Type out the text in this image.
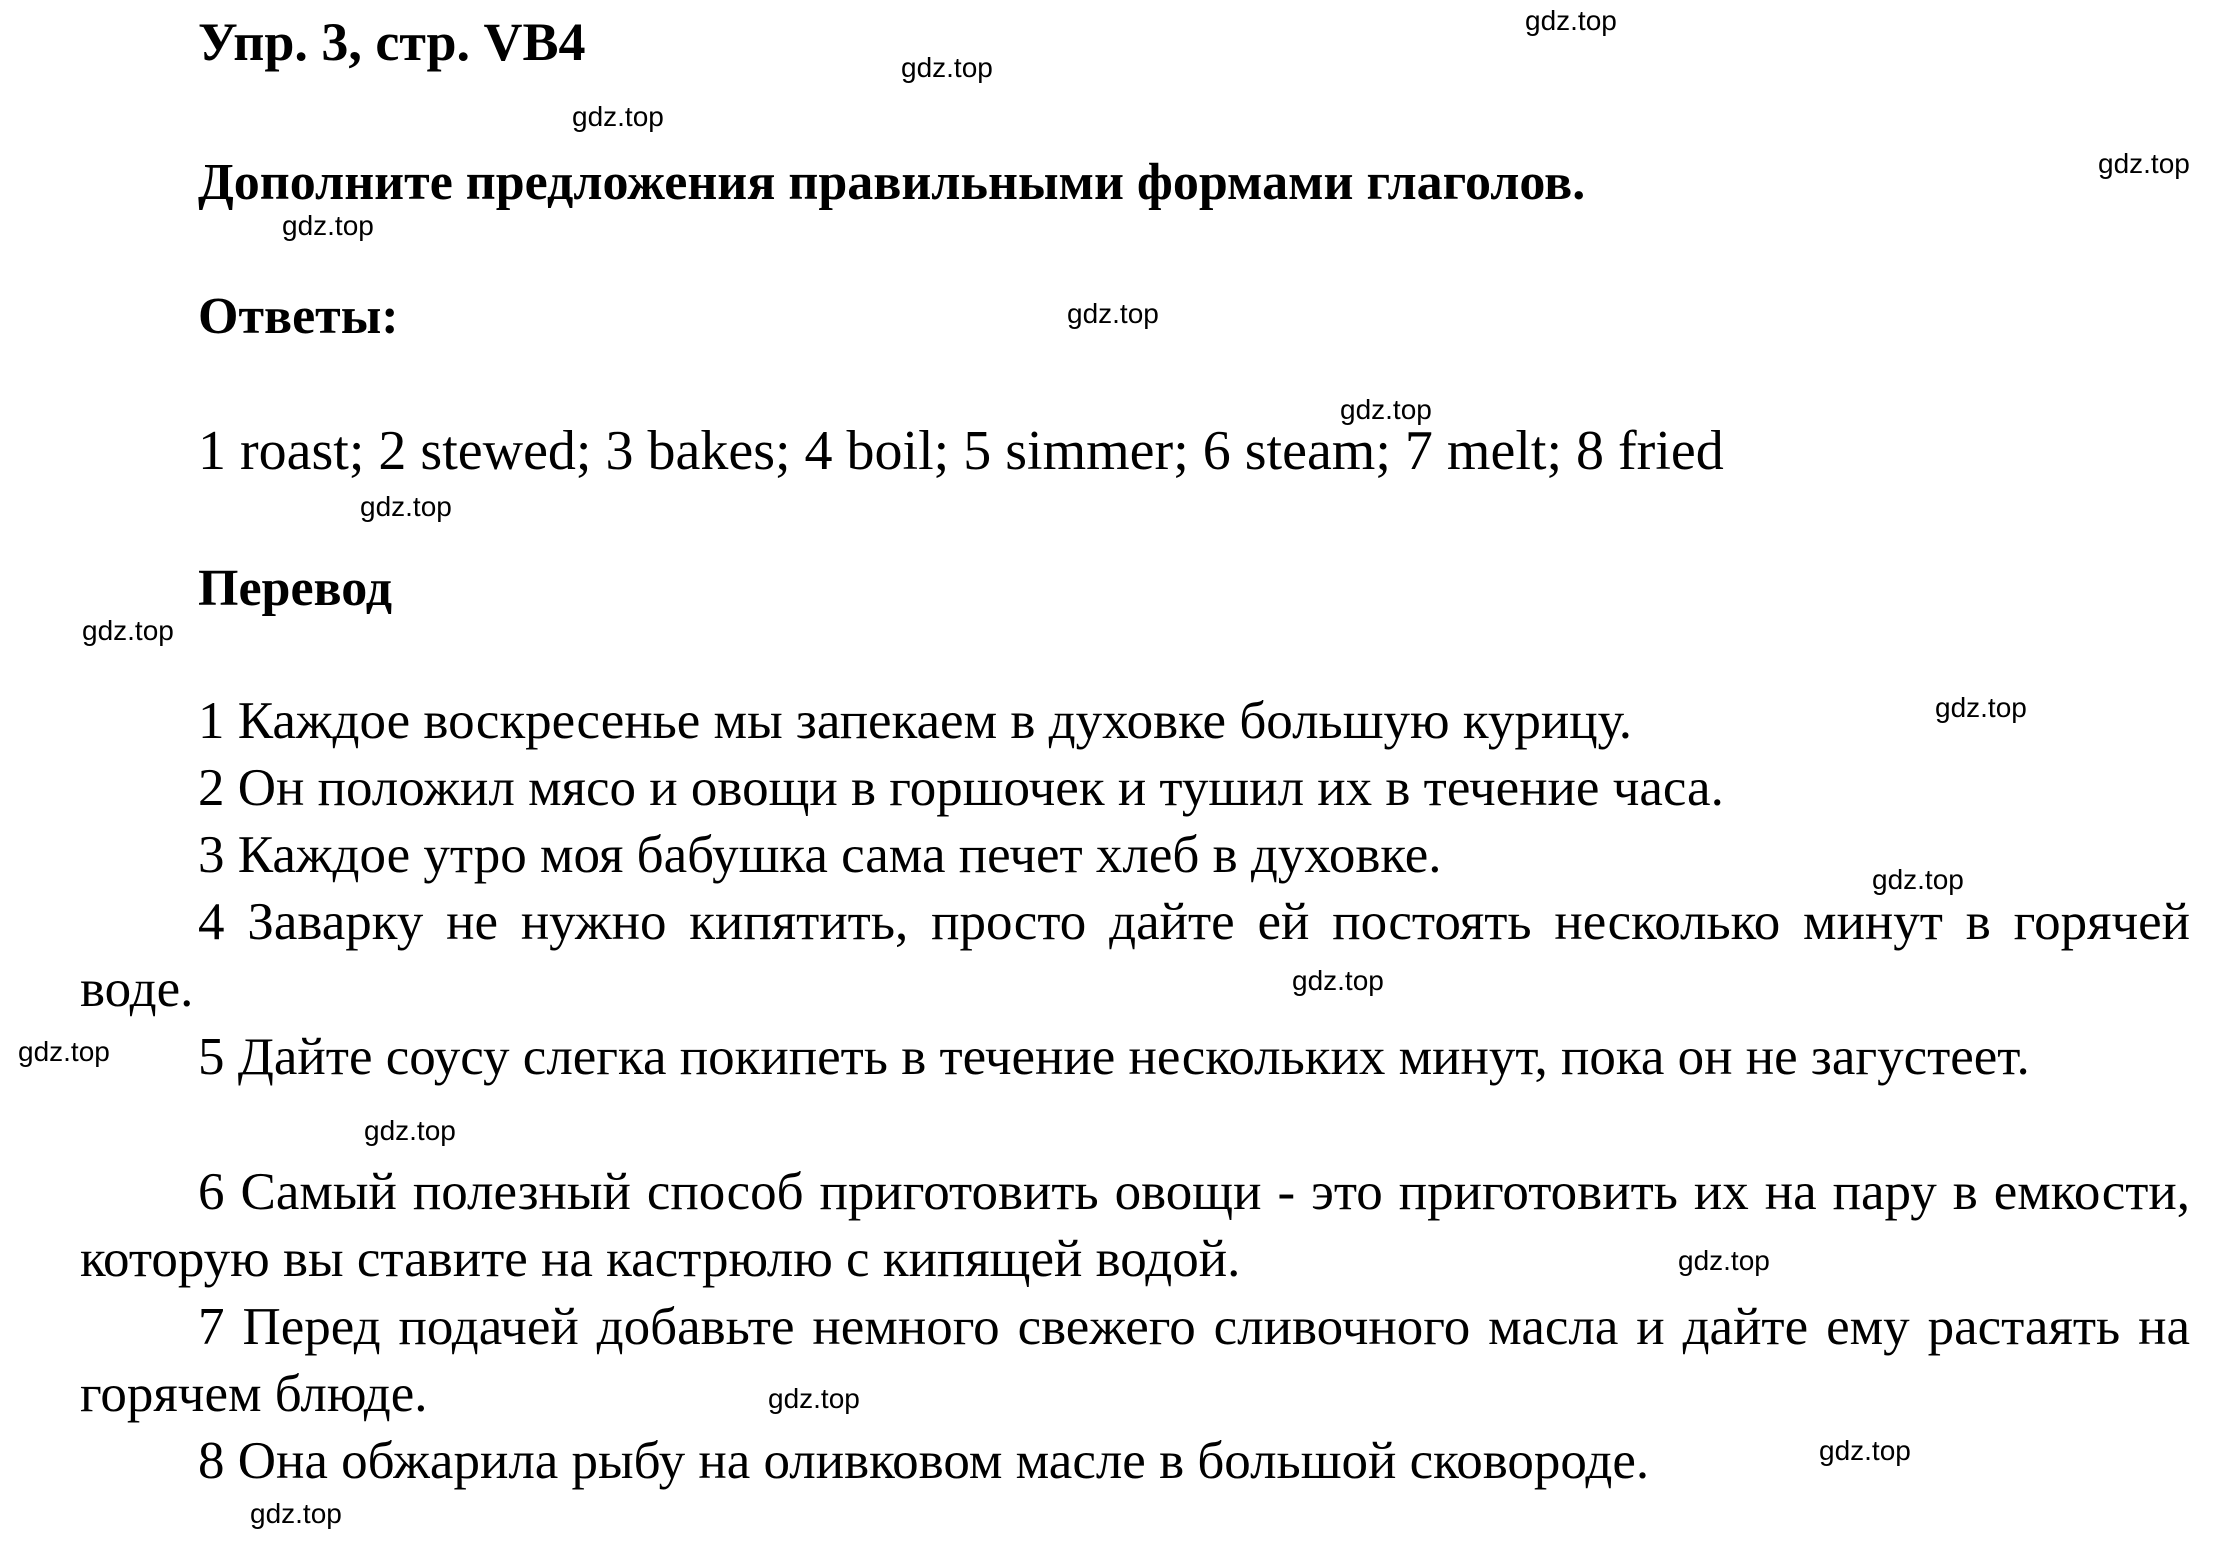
Упр. 3, стр. VB4
Дополните предложения правильными формами глаголов.
Ответы:
1 roast; 2 stewed; 3 bakes; 4 boil; 5 simmer; 6 steam; 7 melt; 8 fried
Перевод
1 Каждое воскресенье мы запекаем в духовке большую курицу.
2 Он положил мясо и овощи в горшочек и тушил их в течение часа.
3 Каждое утро моя бабушка сама печет хлеб в духовке.
4 Заварку не нужно кипятить, просто дайте ей постоять несколько минут в горячей воде.
5 Дайте соусу слегка покипеть в течение нескольких минут, пока он не загустеет.
6 Самый полезный способ приготовить овощи - это приготовить их на пару в емкости, которую вы ставите на кастрюлю с кипящей водой.
7 Перед подачей добавьте немного свежего сливочного масла и дайте ему растаять на горячем блюде.
8 Она обжарила рыбу на оливковом масле в большой сковороде.
gdz.top
gdz.top
gdz.top
gdz.top
gdz.top
gdz.top
gdz.top
gdz.top
gdz.top
gdz.top
gdz.top
gdz.top
gdz.top
gdz.top
gdz.top
gdz.top
gdz.top
gdz.top
